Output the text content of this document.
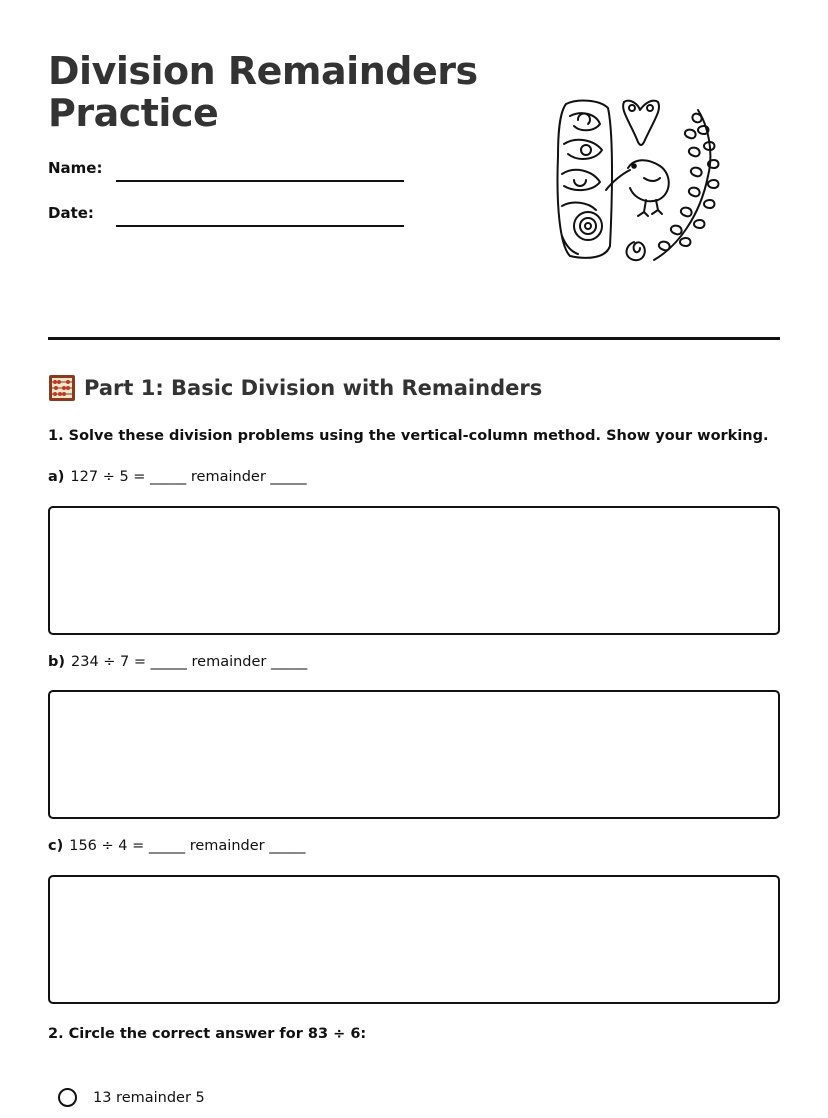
Division Remainders
Practice
Name:
Date:
Part 1: Basic Division with Remainders
1. Solve these division problems using the vertical-column method. Show your working.
a) 127 ÷ 5 = _____ remainder _____
b) 234 ÷ 7 = _____ remainder _____
c) 156 ÷ 4 = _____ remainder _____
2. Circle the correct answer for 83 ÷ 6:
13 remainder 5
